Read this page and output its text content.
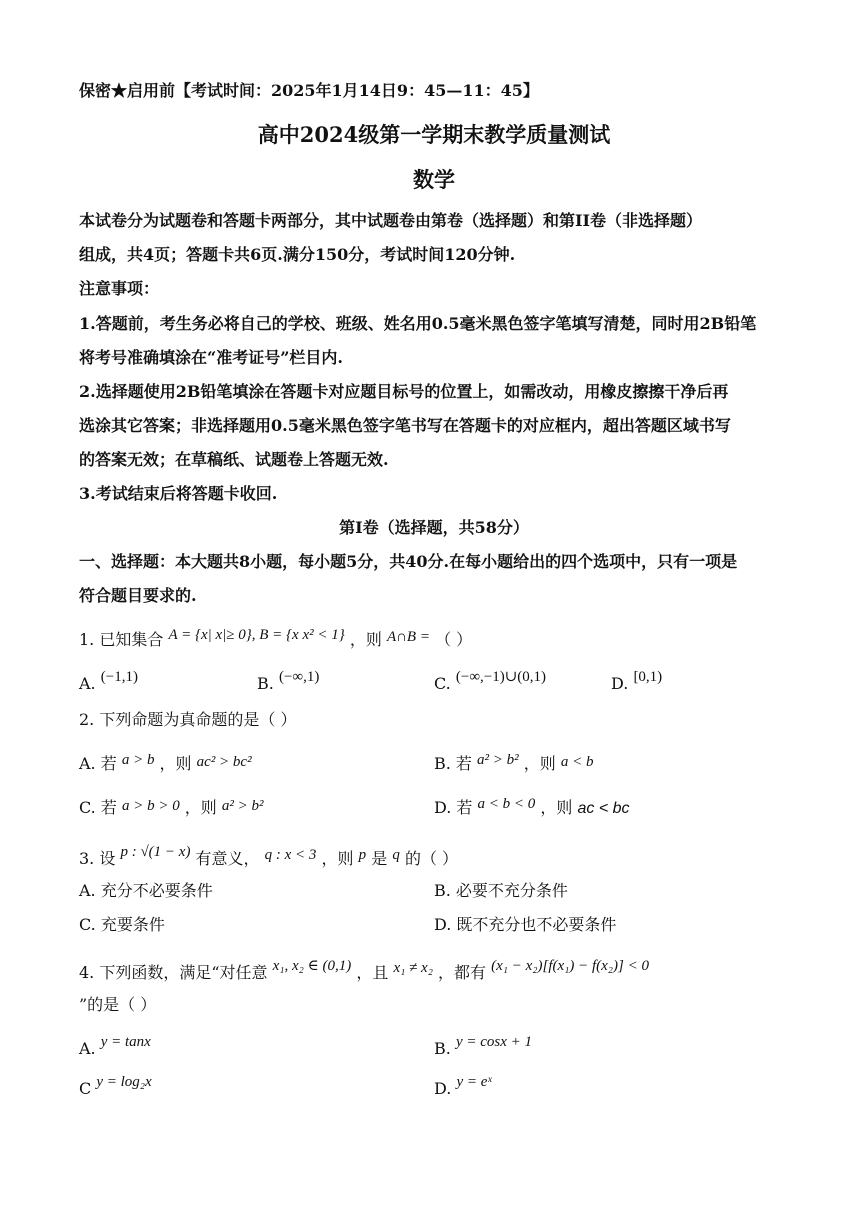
保密★启用前【考试时间：2025年1月14日9：45—11：45】
高中2024级第一学期末教学质量测试
数学
本试卷分为试题卷和答题卡两部分，其中试题卷由第卷（选择题）和第II卷（非选择题）
组成，共4页；答题卡共6页.满分150分，考试时间120分钟.
注意事项：
1.答题前，考生务必将自己的学校、班级、姓名用0.5毫米黑色签字笔填写清楚，同时用2B铅笔
将考号准确填涂在“准考证号”栏目内.
2.选择题使用2B铅笔填涂在答题卡对应题目标号的位置上，如需改动，用橡皮擦擦干净后再
选涂其它答案；非选择题用0.5毫米黑色签字笔书写在答题卡的对应框内，超出答题区域书写
的答案无效；在草稿纸、试题卷上答题无效.
3.考试结束后将答题卡收回.
第I卷（选择题，共58分）
一、选择题：本大题共8小题，每小题5分，共40分.在每小题给出的四个选项中，只有一项是
符合题目要求的.
1. 已知集合 A = {x| x|≥ 0}, B = {x x² < 1} ，则 A∩B = （ ）
A. (−1,1)	B. (−∞,1)	C. (−∞,−1)∪(0,1)	D. [0,1)
2. 下列命题为真命题的是（ ）
A. 若 a > b ，则 ac² > bc²	B. 若 a² > b² ，则 a < b
C. 若 a > b > 0 ，则 a² > b²	D. 若 a < b < 0 ，则 ac < bc
3. 设 p : √(1 − x) 有意义， q : x < 3 ，则 p 是 q 的（ ）
A. 充分不必要条件	B. 必要不充分条件
C. 充要条件	D. 既不充分也不必要条件
4. 下列函数，满足“对任意 x₁, x₂ ∈ (0,1) ，且 x₁ ≠ x₂ ，都有 (x₁ − x₂)[f(x₁) − f(x₂)] < 0
”的是（ ）
A. y = tanx	B. y = cosx + 1
C y = log₂x	D. y = eˣ
